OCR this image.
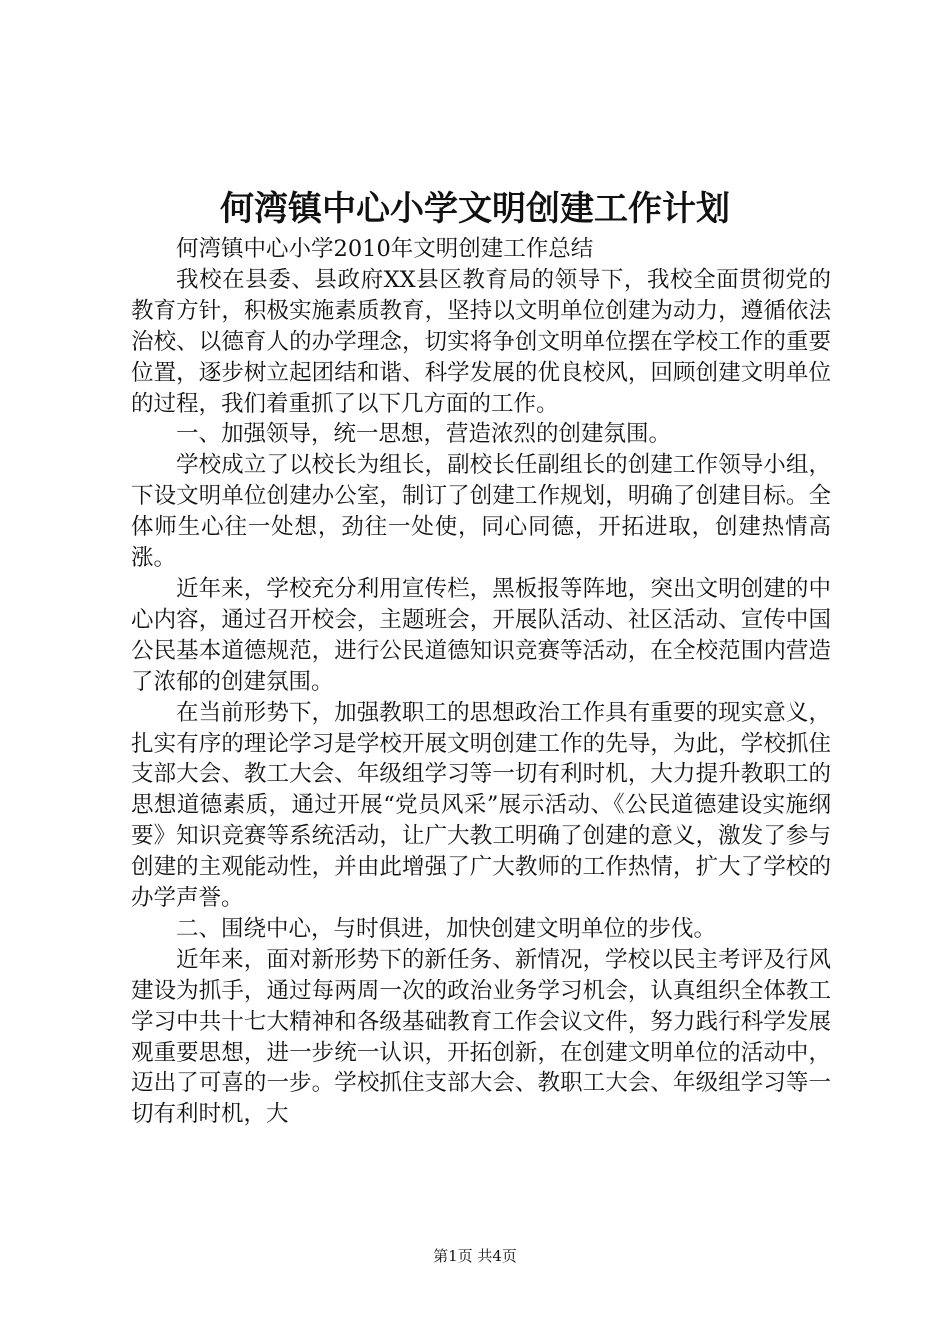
何湾镇中心小学文明创建工作计划

何湾镇中心小学2010年文明创建工作总结

我校在县委、县政府XX县区教育局的领导下，我校全面贯彻党的教育方针，积极实施素质教育，坚持以文明单位创建为动力，遵循依法治校、以德育人的办学理念，切实将争创文明单位摆在学校工作的重要位置，逐步树立起团结和谐、科学发展的优良校风，回顾创建文明单位的过程，我们着重抓了以下几方面的工作。

一、加强领导，统一思想，营造浓烈的创建氛围。

学校成立了以校长为组长，副校长任副组长的创建工作领导小组，下设文明单位创建办公室，制订了创建工作规划，明确了创建目标。全体师生心往一处想，劲往一处使，同心同德，开拓进取，创建热情高涨。

近年来，学校充分利用宣传栏，黑板报等阵地，突出文明创建的中心内容，通过召开校会，主题班会，开展队活动、社区活动、宣传中国公民基本道德规范，进行公民道德知识竞赛等活动，在全校范围内营造了浓郁的创建氛围。

在当前形势下，加强教职工的思想政治工作具有重要的现实意义，扎实有序的理论学习是学校开展文明创建工作的先导，为此，学校抓住支部大会、教工大会、年级组学习等一切有利时机，大力提升教职工的思想道德素质，通过开展“党员风采”展示活动、《公民道德建设实施纲要》知识竞赛等系统活动，让广大教工明确了创建的意义，激发了参与创建的主观能动性，并由此增强了广大教师的工作热情，扩大了学校的办学声誉。

二、围绕中心，与时俱进，加快创建文明单位的步伐。

近年来，面对新形势下的新任务、新情况，学校以民主考评及行风建设为抓手，通过每两周一次的政治业务学习机会，认真组织全体教工学习中共十七大精神和各级基础教育工作会议文件，努力践行科学发展观重要思想，进一步统一认识，开拓创新，在创建文明单位的活动中，迈出了可喜的一步。学校抓住支部大会、教职工大会、年级组学习等一切有利时机，大

第1页 共4页
